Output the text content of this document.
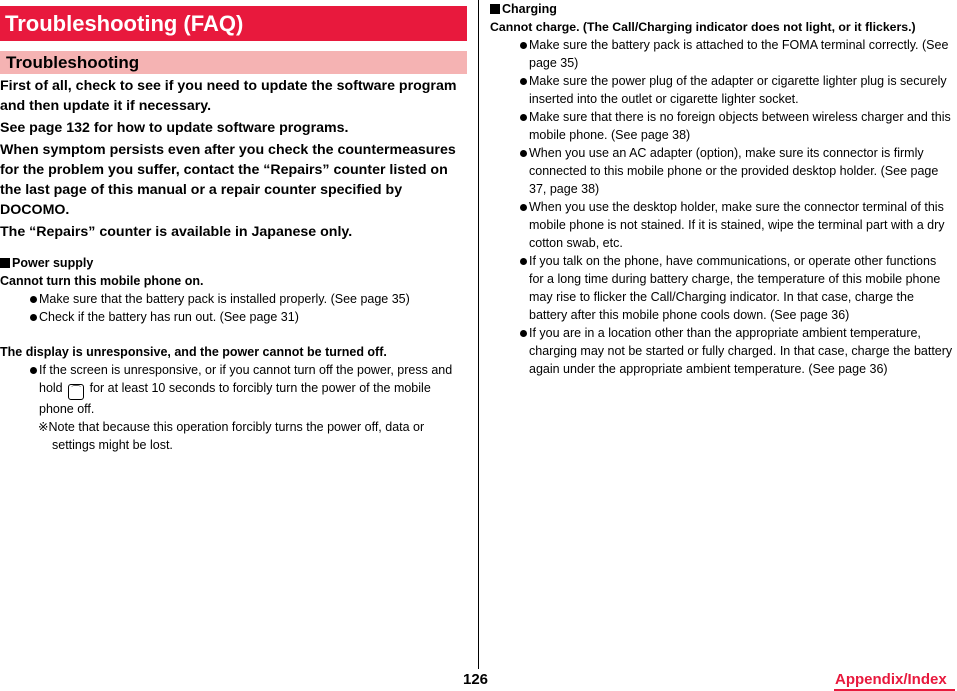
Troubleshooting (FAQ)
Troubleshooting

First of all, check to see if you need to update the software program and then update it if necessary.

See page 132 for how to update software programs.

When symptom persists even after you check the countermeasures for the problem you suffer, contact the “Repairs” counter listed on the last page of this manual or a repair counter specified by DOCOMO.

The “Repairs” counter is available in Japanese only.

Power supply
Cannot turn this mobile phone on.
Make sure that the battery pack is installed properly. (See page 35)
Check if the battery has run out. (See page 31)
The display is unresponsive, and the power cannot be turned off.
If the screen is unresponsive, or if you cannot turn off the power, press and hold ⌒ for at least 10 seconds to forcibly turn the power of the mobile phone off.
※Note that because this operation forcibly turns the power off, data or settings might be lost.
Charging
Cannot charge. (The Call/Charging indicator does not light, or it flickers.)
Make sure the battery pack is attached to the FOMA terminal correctly. (See page 35)
Make sure the power plug of the adapter or cigarette lighter plug is securely inserted into the outlet or cigarette lighter socket.
Make sure that there is no foreign objects between wireless charger and this mobile phone. (See page 38)
When you use an AC adapter (option), make sure its connector is firmly connected to this mobile phone or the provided desktop holder. (See page 37, page 38)
When you use the desktop holder, make sure the connector terminal of this mobile phone is not stained. If it is stained, wipe the terminal part with a dry cotton swab, etc.
If you talk on the phone, have communications, or operate other functions for a long time during battery charge, the temperature of this mobile phone may rise to flicker the Call/Charging indicator. In that case, charge the battery after this mobile phone cools down. (See page 36)
If you are in a location other than the appropriate ambient temperature, charging may not be started or fully charged. In that case, charge the battery again under the appropriate ambient temperature. (See page 36)
126	Appendix/Index
